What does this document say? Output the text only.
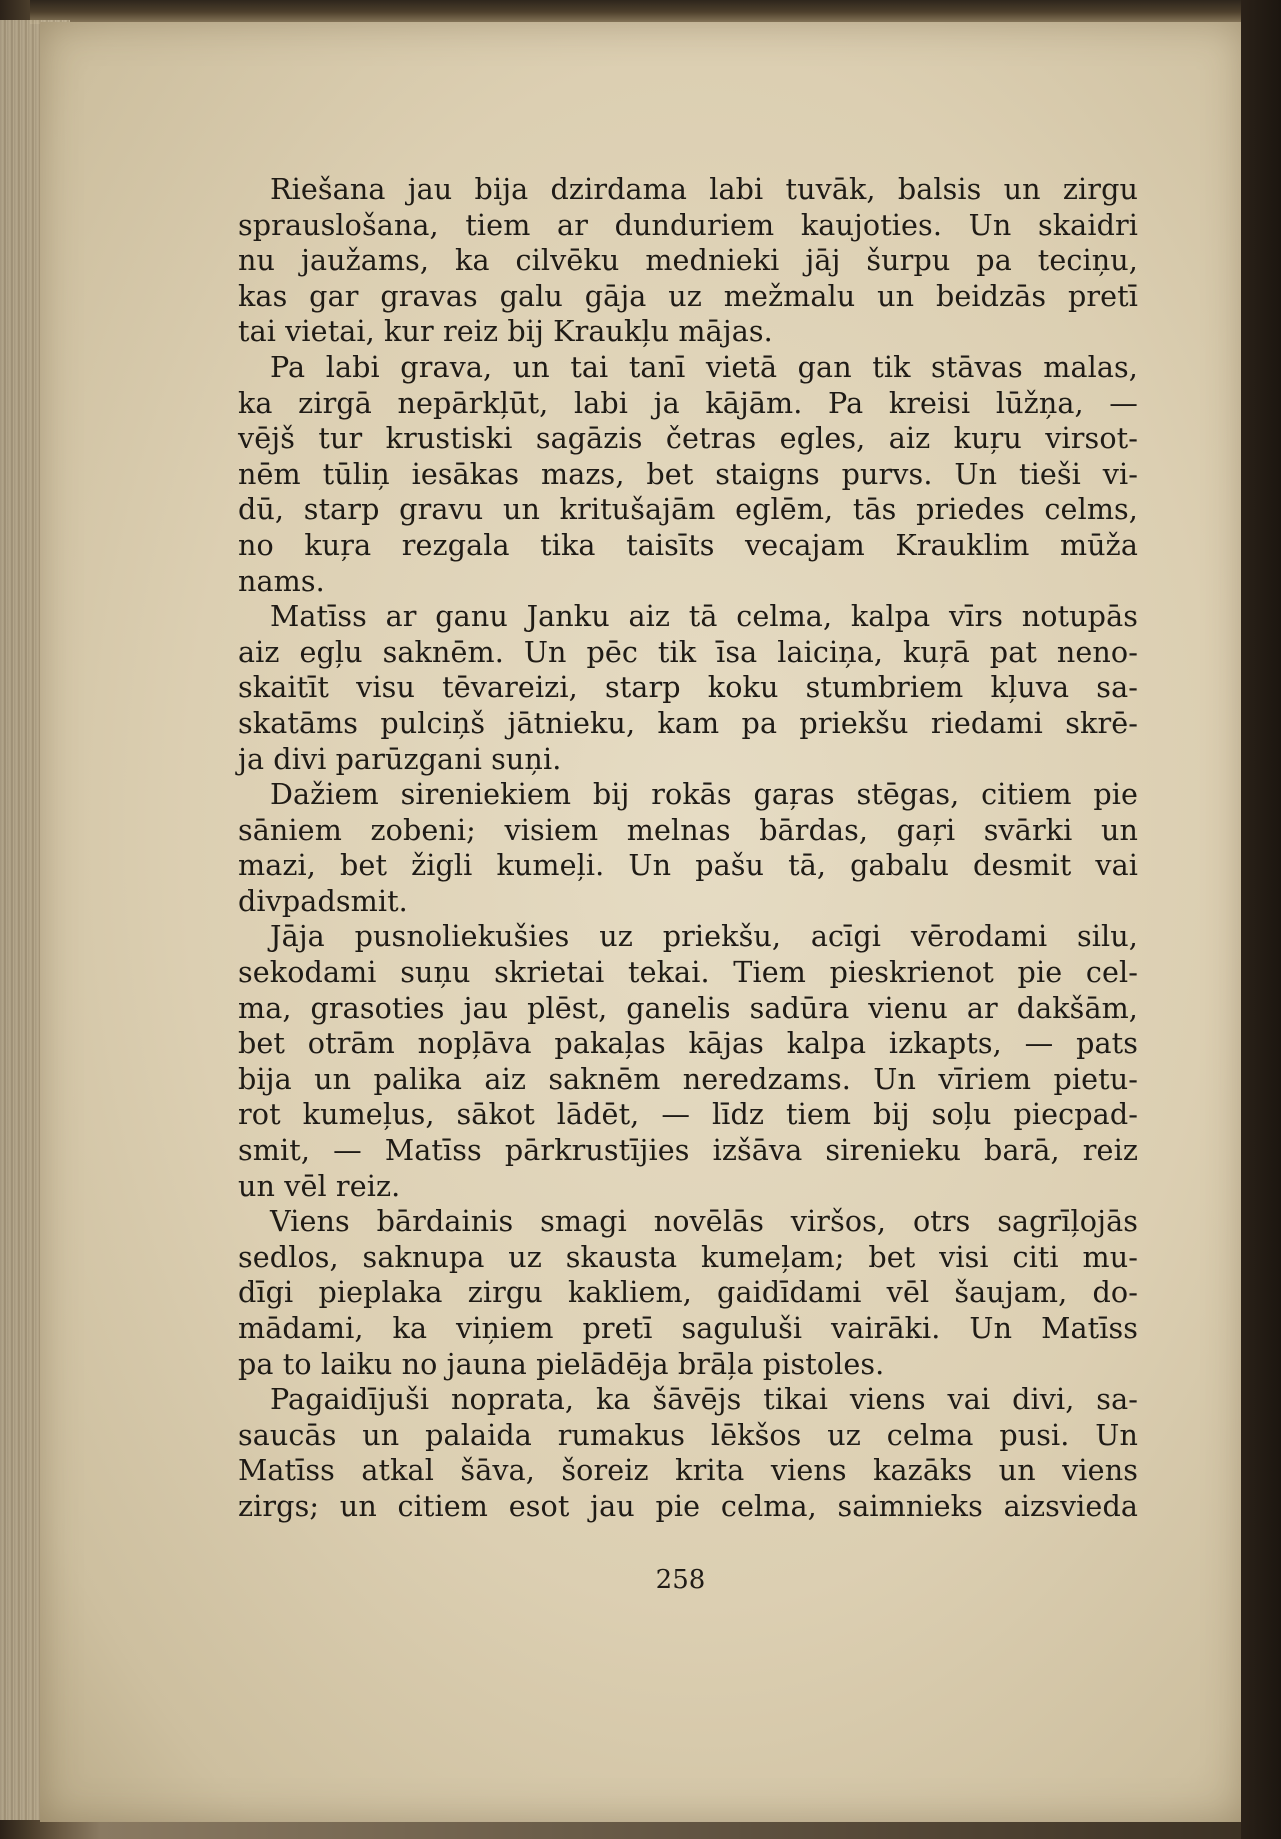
Riešana jau bija dzirdama labi tuvāk, balsis un zirgu
sprauslošana, tiem ar dunduriem kaujoties. Un skaidri
nu jaužams, ka cilvēku mednieki jāj šurpu pa teciņu,
kas gar gravas galu gāja uz mežmalu un beidzās pretī
tai vietai, kur reiz bij Kraukļu mājas.
Pa labi grava, un tai tanī vietā gan tik stāvas malas,
ka zirgā nepārkļūt, labi ja kājām. Pa kreisi lūžņa, —
vējš tur krustiski sagāzis četras egles, aiz kuŗu virsot-
nēm tūliņ iesākas mazs, bet staigns purvs. Un tieši vi-
dū, starp gravu un kritušajām eglēm, tās priedes celms,
no kuŗa rezgala tika taisīts vecajam Krauklim mūža
nams.
Matīss ar ganu Janku aiz tā celma, kalpa vīrs notupās
aiz egļu saknēm. Un pēc tik īsa laiciņa, kuŗā pat neno-
skaitīt visu tēvareizi, starp koku stumbriem kļuva sa-
skatāms pulciņš jātnieku, kam pa priekšu riedami skrē-
ja divi parūzgani suņi.
Dažiem sireniekiem bij rokās gaŗas stēgas, citiem pie
sāniem zobeni; visiem melnas bārdas, gaŗi svārki un
mazi, bet žigli kumeļi. Un pašu tā, gabalu desmit vai
divpadsmit.
Jāja pusnoliekušies uz priekšu, acīgi vērodami silu,
sekodami suņu skrietai tekai. Tiem pieskrienot pie cel-
ma, grasoties jau plēst, ganelis sadūra vienu ar dakšām,
bet otrām nopļāva pakaļas kājas kalpa izkapts, — pats
bija un palika aiz saknēm neredzams. Un vīriem pietu-
rot kumeļus, sākot lādēt, — līdz tiem bij soļu piecpad-
smit, — Matīss pārkrustījies izšāva sirenieku barā, reiz
un vēl reiz.
Viens bārdainis smagi novēlās viršos, otrs sagrīļojās
sedlos, saknupa uz skausta kumeļam; bet visi citi mu-
dīgi pieplaka zirgu kakliem, gaidīdami vēl šaujam, do-
mādami, ka viņiem pretī saguluši vairāki. Un Matīss
pa to laiku no jauna pielādēja brāļa pistoles.
Pagaidījuši noprata, ka šāvējs tikai viens vai divi, sa-
saucās un palaida rumakus lēkšos uz celma pusi. Un
Matīss atkal šāva, šoreiz krita viens kazāks un viens
zirgs; un citiem esot jau pie celma, saimnieks aizsvieda
258
